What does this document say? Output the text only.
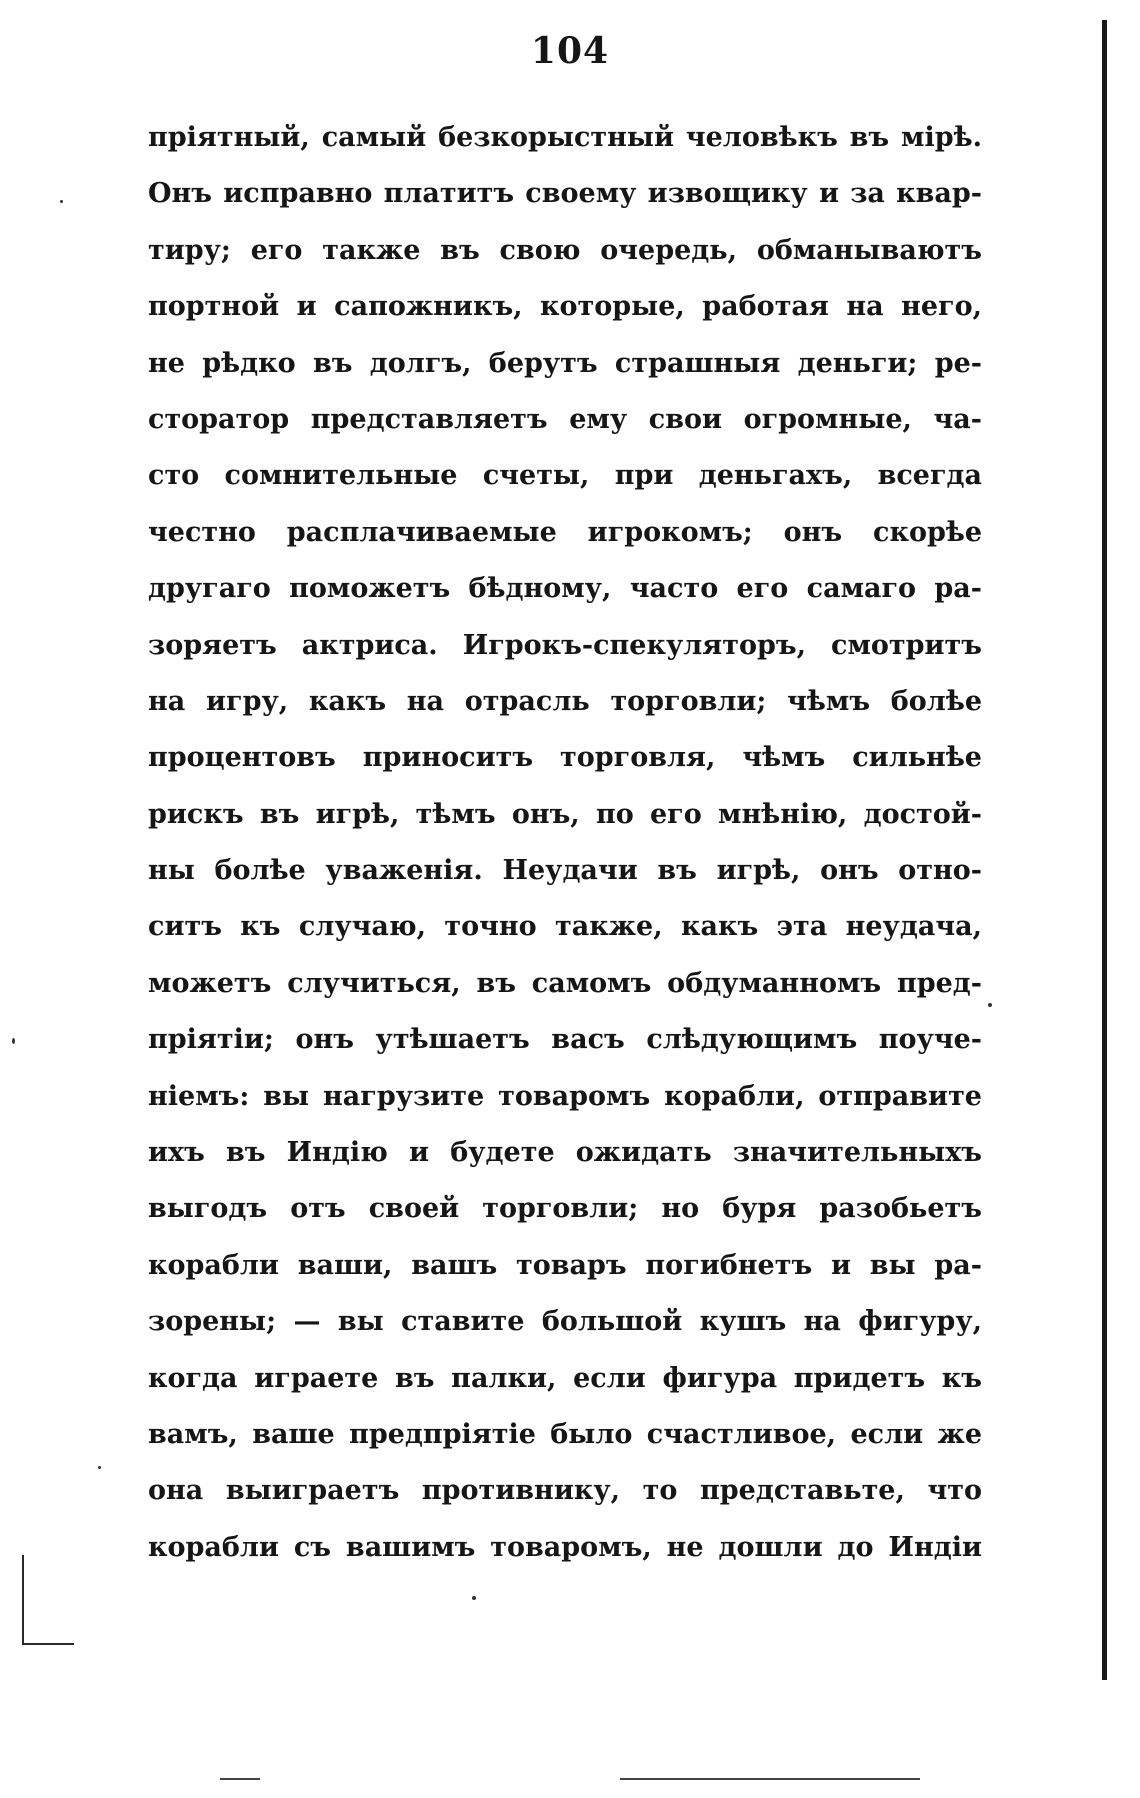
104
пріятный, самый безкорыстный человѣкъ въ мірѣ.
Онъ исправно платитъ своему извощику и за квар-
тиру; его также въ свою очередь, обманываютъ
портной и сапожникъ, которые, работая на него,
не рѣдко въ долгъ, берутъ страшныя деньги; ре-
сторатор представляетъ ему свои огромные, ча-
сто сомнительные счеты, при деньгахъ, всегда
честно расплачиваемые игрокомъ; онъ скорѣе
другаго поможетъ бѣдному, часто его самаго ра-
зоряетъ актриса. Игрокъ-спекуляторъ, смотритъ
на игру, какъ на отрасль торговли; чѣмъ болѣе
процентовъ приноситъ торговля, чѣмъ сильнѣе
рискъ въ игрѣ, тѣмъ онъ, по его мнѣнію, достой-
ны болѣе уваженія. Неудачи въ игрѣ, онъ отно-
ситъ къ случаю, точно также, какъ эта неудача,
можетъ случиться, въ самомъ обдуманномъ пред-
пріятіи; онъ утѣшаетъ васъ слѣдующимъ поуче-
ніемъ: вы нагрузите товаромъ корабли, отправите
ихъ въ Индію и будете ожидать значительныхъ
выгодъ отъ своей торговли; но буря разобьетъ
корабли ваши, вашъ товаръ погибнетъ и вы ра-
зорены; — вы ставите большой кушъ на фигуру,
когда играете въ палки, если фигура придетъ къ
вамъ, ваше предпріятіе было счастливое, если же
она выиграетъ противнику, то представьте, что
корабли съ вашимъ товаромъ, не дошли до Индіи
